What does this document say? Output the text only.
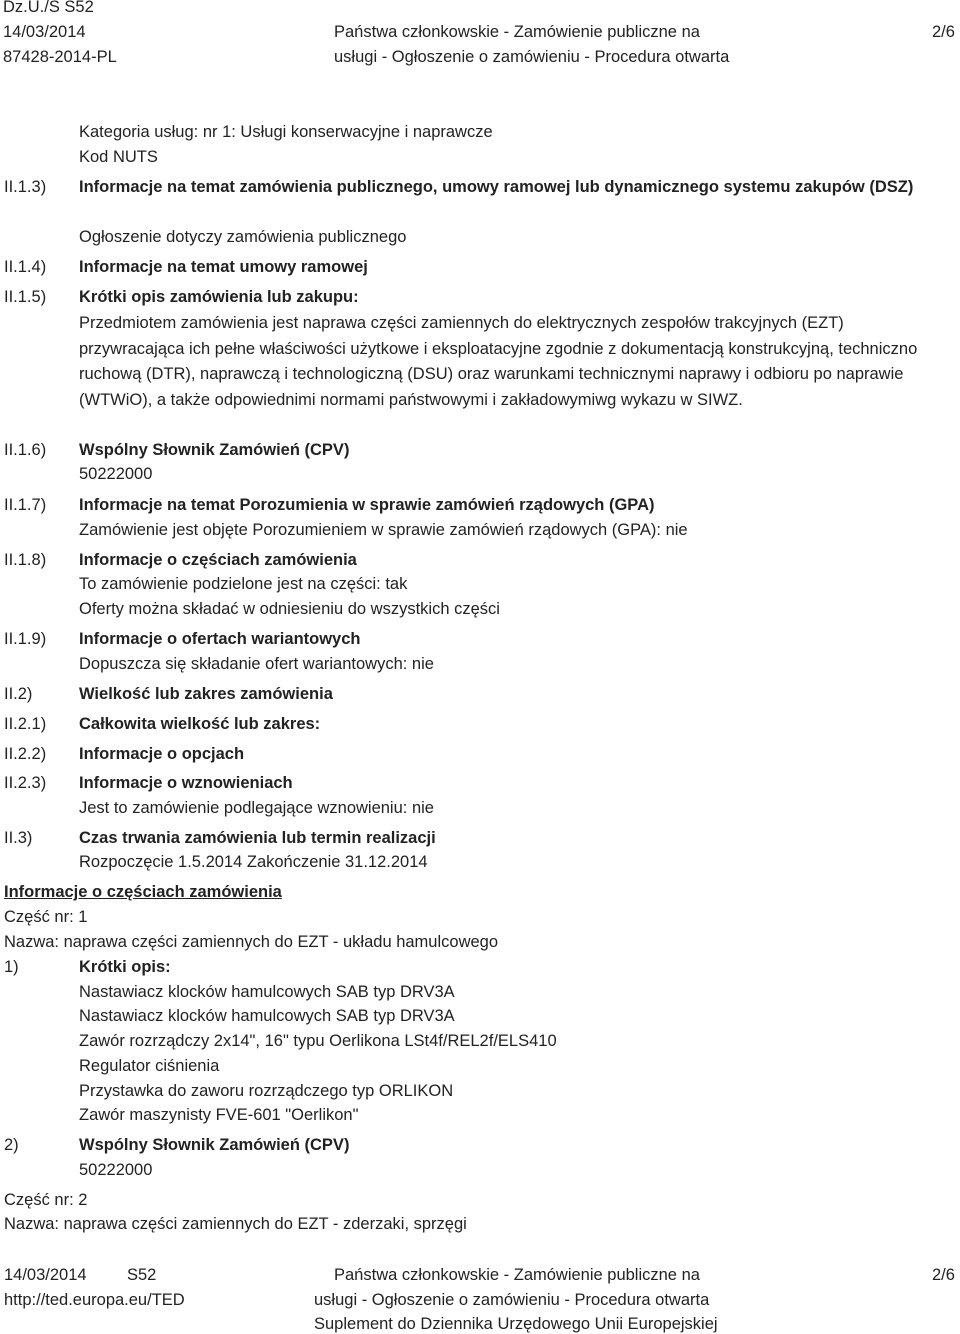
Dz.U./S S52
14/03/2014
87428-2014-PL
Państwa członkowskie - Zamówienie publiczne na
usługi - Ogłoszenie o zamówieniu - Procedura otwarta
2/6
II.1.3)
II.1.4)
II.1.5)
II.1.6)
II.1.7)
II.1.8)
II.1.9)
II.2)
II.2.1)
II.2.2)
II.2.3)
II.3)
Kategoria usług: nr 1: Usługi konserwacyjne i naprawcze
Kod NUTS
Informacje na temat zamówienia publicznego, umowy ramowej lub dynamicznego systemu zakupów (DSZ)
Ogłoszenie dotyczy zamówienia publicznego
Informacje na temat umowy ramowej
Krótki opis zamówienia lub zakupu:
Przedmiotem zamówienia jest naprawa części zamiennych do elektrycznych zespołów trakcyjnych (EZT) przywracająca ich pełne właściwości użytkowe i eksploatacyjne zgodnie z dokumentacją konstrukcyjną, techniczno ruchową (DTR), naprawczą i technologiczną (DSU) oraz warunkami technicznymi naprawy i odbioru po naprawie (WTWiO), a także odpowiednimi normami państwowymi i zakładowymiwg wykazu w SIWZ.
Wspólny Słownik Zamówień (CPV)
50222000
Informacje na temat Porozumienia w sprawie zamówień rządowych (GPA)
Zamówienie jest objęte Porozumieniem w sprawie zamówień rządowych (GPA): nie
Informacje o częściach zamówienia
To zamówienie podzielone jest na części: tak
Oferty można składać w odniesieniu do wszystkich części
Informacje o ofertach wariantowych
Dopuszcza się składanie ofert wariantowych: nie
Wielkość lub zakres zamówienia
Całkowita wielkość lub zakres:
Informacje o opcjach
Informacje o wznowieniach
Jest to zamówienie podlegające wznowieniu: nie
Czas trwania zamówienia lub termin realizacji
Rozpoczęcie 1.5.2014 Zakończenie 31.12.2014
Informacje o częściach zamówienia
Część nr: 1
Nazwa: naprawa części zamiennych do EZT - układu hamulcowego
1)	Krótki opis:
Nastawiacz klocków hamulcowych SAB typ DRV3A
Nastawiacz klocków hamulcowych SAB typ DRV3A
Zawór rozrządczy 2x14", 16" typu Oerlikona LSt4f/REL2f/ELS410
Regulator ciśnienia
Przystawka do zaworu rozrządczego typ ORLIKON
Zawór maszynisty FVE-601 "Oerlikon"
2)	Wspólny Słownik Zamówień (CPV)
50222000
Część nr: 2
Nazwa: naprawa części zamiennych do EZT - zderzaki, sprzęgi
14/03/2014 S52
http://ted.europa.eu/TED
Państwa członkowskie - Zamówienie publiczne na
usługi - Ogłoszenie o zamówieniu - Procedura otwarta
Suplement do Dziennika Urzędowego Unii Europejskiej
2/6
